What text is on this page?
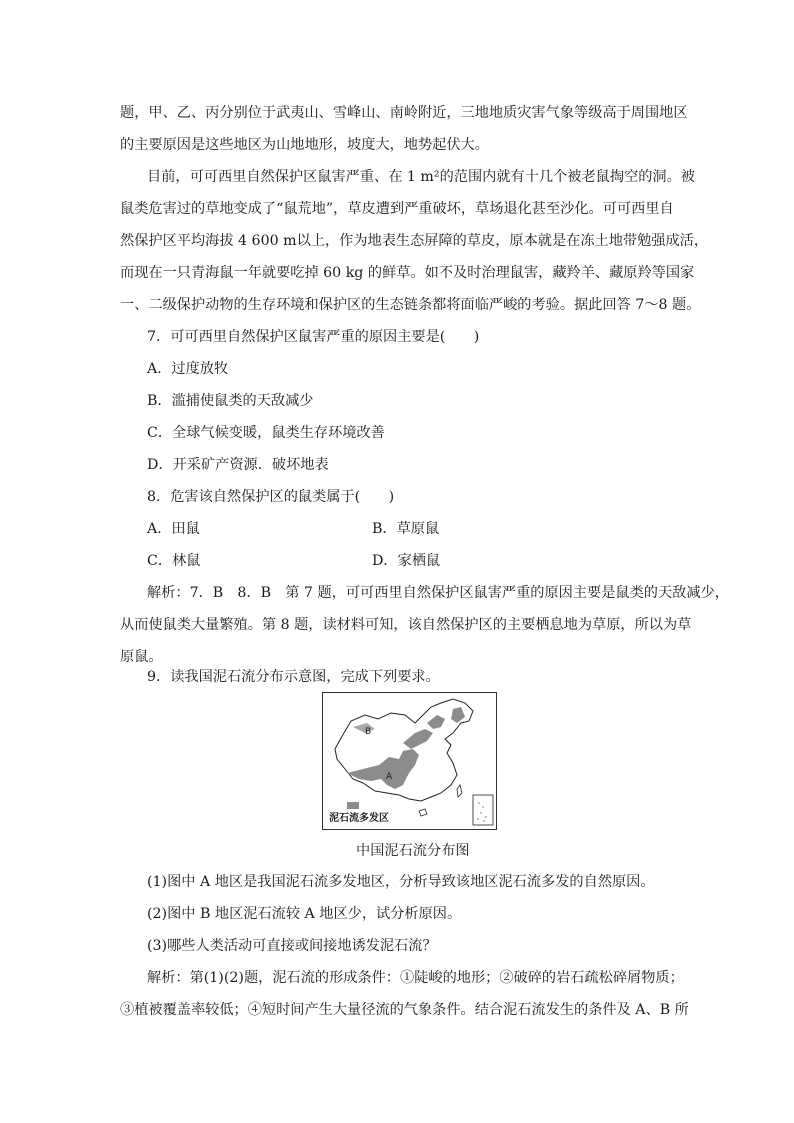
题，甲、乙、丙分别位于武夷山、雪峰山、南岭附近，三地地质灾害气象等级高于周围地区
的主要原因是这些地区为山地地形，坡度大，地势起伏大。
目前，可可西里自然保护区鼠害严重、在 1 m²的范围内就有十几个被老鼠掏空的洞。被
鼠类危害过的草地变成了“鼠荒地”，草皮遭到严重破坏，草场退化甚至沙化。可可西里自
然保护区平均海拔 4 600 m以上，作为地表生态屏障的草皮，原本就是在冻土地带勉强成活，
而现在一只青海鼠一年就要吃掉 60 kg 的鲜草。如不及时治理鼠害，藏羚羊、藏原羚等国家
一、二级保护动物的生存环境和保护区的生态链条都将面临严峻的考验。据此回答 7～8 题。
7．可可西里自然保护区鼠害严重的原因主要是(　　)
A．过度放牧
B．滥捕使鼠类的天敌减少
C．全球气候变暖，鼠类生存环境改善
D．开采矿产资源．破坏地表
8．危害该自然保护区的鼠类属于(　　)
A．田鼠	B．草原鼠
C．林鼠	D．家栖鼠
解析：7．B　8．B　第 7 题，可可西里自然保护区鼠害严重的原因主要是鼠类的天敌减少，
从而使鼠类大量繁殖。第 8 题，读材料可知，该自然保护区的主要栖息地为草原，所以为草
原鼠。
9．读我国泥石流分布示意图，完成下列要求。
B
A
泥石流多发区
中国泥石流分布图
(1)图中 A 地区是我国泥石流多发地区，分析导致该地区泥石流多发的自然原因。
(2)图中 B 地区泥石流较 A 地区少，试分析原因。
(3)哪些人类活动可直接或间接地诱发泥石流？
解析：第(1)(2)题，泥石流的形成条件：①陡峻的地形；②破碎的岩石疏松碎屑物质；
③植被覆盖率较低；④短时间产生大量径流的气象条件。结合泥石流发生的条件及 A、B 所
